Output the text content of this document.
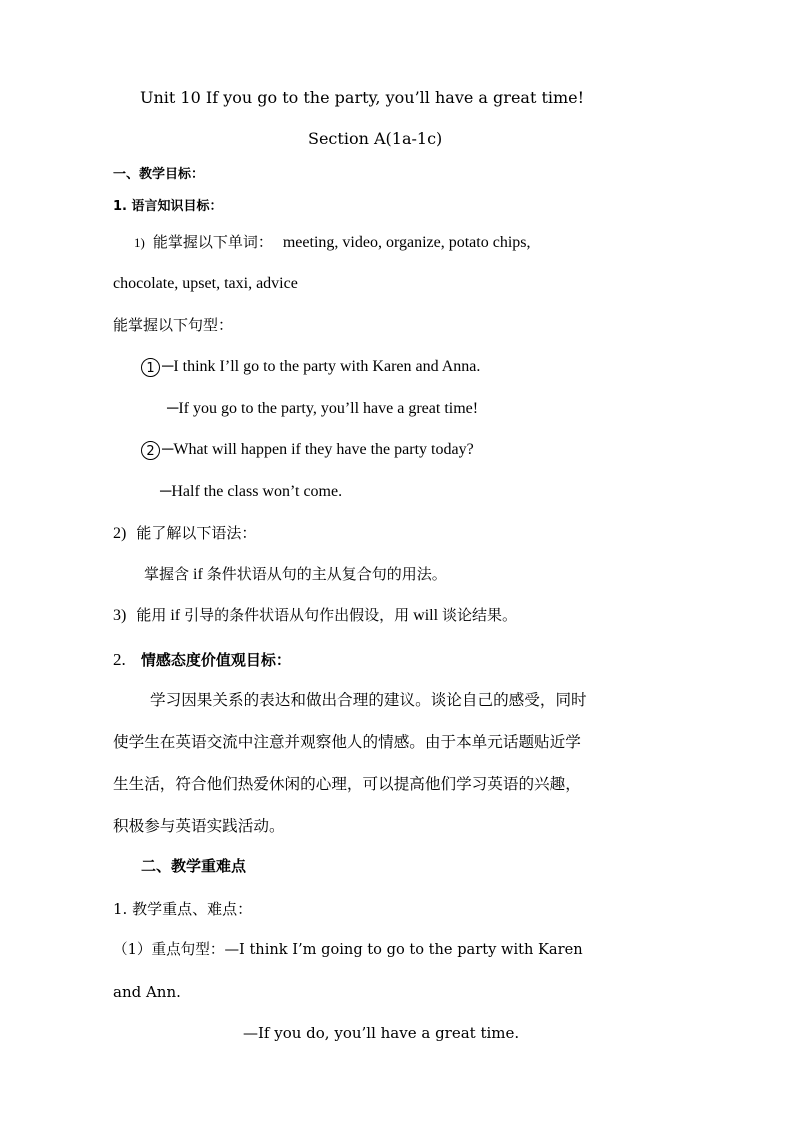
Unit 10 If you go to the party, you’ll have a great time!
Section A(1a-1c)
一、教学目标：
1. 语言知识目标：
1) 能掌握以下单词： meeting, video, organize, potato chips,
chocolate, upset, taxi, advice
能掌握以下句型：
1 ─I think I’ll go to the party with Karen and Anna.
─If you go to the party, you’ll have a great time!
2 ─What will happen if they have the party today?
─Half the class won’t come.
2) 能了解以下语法：
掌握含 if 条件状语从句的主从复合句的用法。
3) 能用 if 引导的条件状语从句作出假设，用 will 谈论结果。
2. 情感态度价值观目标：
学习因果关系的表达和做出合理的建议。谈论自己的感受，同时
使学生在英语交流中注意并观察他人的情感。由于本单元话题贴近学
生生活，符合他们热爱休闲的心理，可以提高他们学习英语的兴趣，
积极参与英语实践活动。
二、教学重难点
1. 教学重点、难点：
（1）重点句型：—I think I’m going to go to the party with Karen
and Ann.
—If you do, you’ll have a great time.
